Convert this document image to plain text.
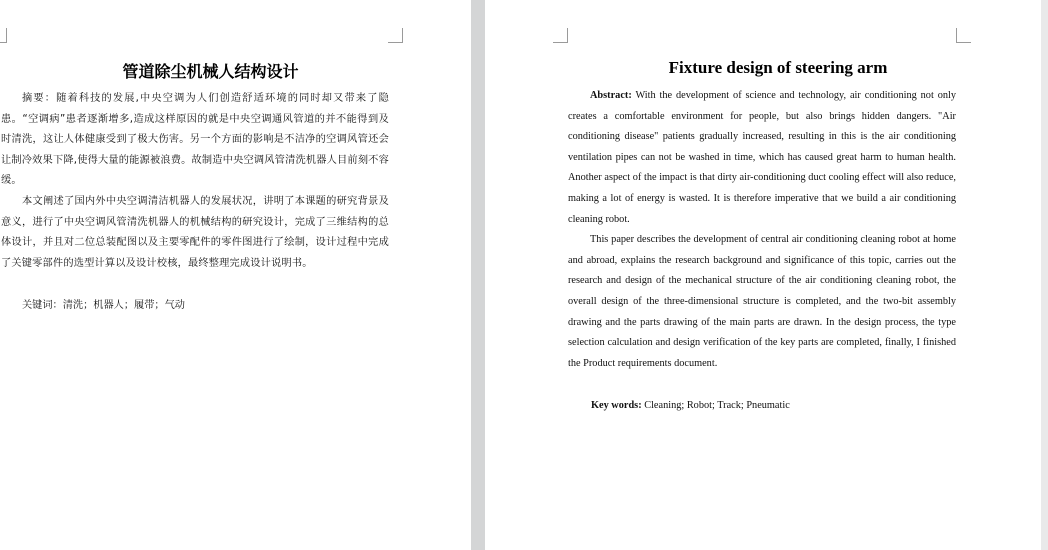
管道除尘机械人结构设计

摘要：随着科技的发展,中央空调为人们创造舒适环境的同时却又带来了隐患。“空调病”患者逐渐增多,造成这样原因的就是中央空调通风管道的并不能得到及时清洗，这让人体健康受到了极大伤害。另一个方面的影响是不洁净的空调风管还会让制冷效果下降,使得大量的能源被浪费。故制造中央空调风管清洗机器人目前刻不容缓。

本文阐述了国内外中央空调清洁机器人的发展状况，讲明了本课题的研究背景及意义，进行了中央空调风管清洗机器人的机械结构的研究设计，完成了三维结构的总体设计，并且对二位总装配图以及主要零配件的零件图进行了绘制，设计过程中完成了关键零部件的选型计算以及设计校核，最终整理完成设计说明书。

关键词：清洗；机器人；履带；气动
Fixture design of steering arm

Abstract: With the development of science and technology, air conditioning not only creates a comfortable environment for people, but also brings hidden dangers. "Air conditioning disease" patients gradually increased, resulting in this is the air conditioning ventilation pipes can not be washed in time, which has caused great harm to human health. Another aspect of the impact is that dirty air-conditioning duct cooling effect will also reduce, making a lot of energy is wasted. It is therefore imperative that we build a air conditioning cleaning robot.

This paper describes the development of central air conditioning cleaning robot at home and abroad, explains the research background and significance of this topic, carries out the research and design of the mechanical structure of the air conditioning cleaning robot, the overall design of the three-dimensional structure is completed, and the two-bit assembly drawing and the parts drawing of the main parts are drawn. In the design process, the type selection calculation and design verification of the key parts are completed, finally, I finished the Product requirements document.

Key words: Cleaning; Robot; Track; Pneumatic
